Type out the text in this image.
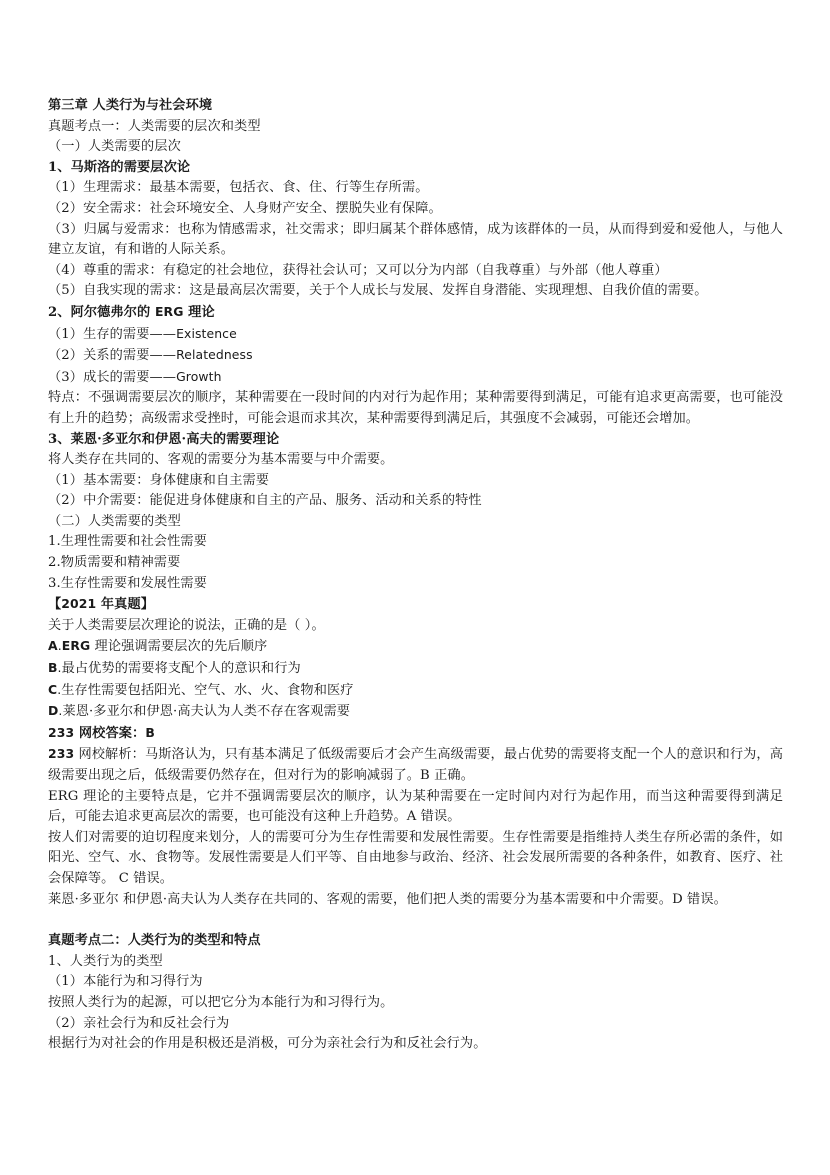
第三章 人类行为与社会环境

真题考点一：人类需要的层次和类型

（一）人类需要的层次

1、马斯洛的需要层次论

（1）生理需求：最基本需要，包括衣、食、住、行等生存所需。

（2）安全需求：社会环境安全、人身财产安全、摆脱失业有保障。

（3）归属与爱需求：也称为情感需求，社交需求；即归属某个群体感情，成为该群体的一员，从而得到爱和爱他人，与他人建立友谊，有和谐的人际关系。

（4）尊重的需求：有稳定的社会地位，获得社会认可；又可以分为内部（自我尊重）与外部（他人尊重）

（5）自我实现的需求：这是最高层次需要，关于个人成长与发展、发挥自身潜能、实现理想、自我价值的需要。

2、阿尔德弗尔的 ERG 理论

（1）生存的需要——Existence

（2）关系的需要——Relatedness

（3）成长的需要——Growth

特点：不强调需要层次的顺序，某种需要在一段时间的内对行为起作用；某种需要得到满足，可能有追求更高需要，也可能没有上升的趋势；高级需求受挫时，可能会退而求其次，某种需要得到满足后，其强度不会减弱，可能还会增加。

3、莱恩·多亚尔和伊恩·高夫的需要理论

将人类存在共同的、客观的需要分为基本需要与中介需要。

（1）基本需要：身体健康和自主需要

（2）中介需要：能促进身体健康和自主的产品、服务、活动和关系的特性

（二）人类需要的类型

1.生理性需要和社会性需要

2.物质需要和精神需要

3.生存性需要和发展性需要

【2021 年真题】

关于人类需要层次理论的说法，正确的是（ ）。

A.ERG 理论强调需要层次的先后顺序

B.最占优势的需要将支配个人的意识和行为

C.生存性需要包括阳光、空气、水、火、食物和医疗

D.莱恩·多亚尔和伊恩·高夫认为人类不存在客观需要

233 网校答案：B

233 网校解析：马斯洛认为，只有基本满足了低级需要后才会产生高级需要，最占优势的需要将支配一个人的意识和行为，高级需要出现之后，低级需要仍然存在，但对行为的影响减弱了。B 正确。

ERG 理论的主要特点是，它并不强调需要层次的顺序，认为某种需要在一定时间内对行为起作用，而当这种需要得到满足后，可能去追求更高层次的需要，也可能没有这种上升趋势。A 错误。

按人们对需要的迫切程度来划分，人的需要可分为生存性需要和发展性需要。生存性需要是指维持人类生存所必需的条件，如阳光、空气、水、食物等。发展性需要是人们平等、自由地参与政治、经济、社会发展所需要的各种条件，如教育、医疗、社会保障等。 C 错误。

莱恩·多亚尔 和伊恩·高夫认为人类存在共同的、客观的需要，他们把人类的需要分为基本需要和中介需要。D 错误。

真题考点二：人类行为的类型和特点

1、人类行为的类型

（1）本能行为和习得行为

按照人类行为的起源，可以把它分为本能行为和习得行为。

（2）亲社会行为和反社会行为

根据行为对社会的作用是积极还是消极，可分为亲社会行为和反社会行为。
